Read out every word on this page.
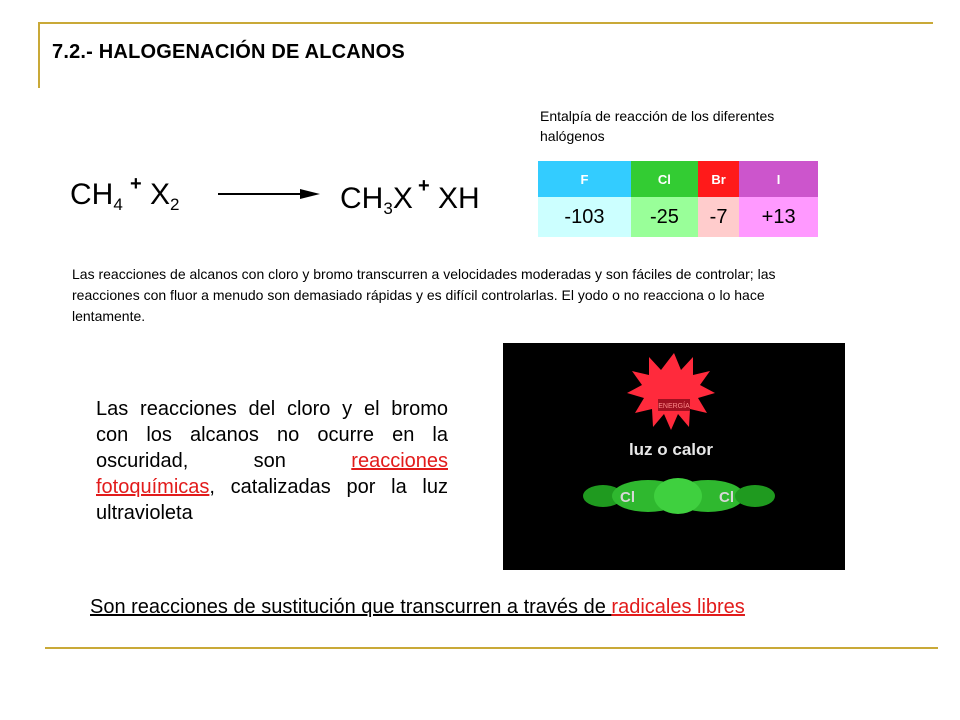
7.2.- HALOGENACIÓN DE ALCANOS
$CH_4$
+ $X_2$	$CH_3X$ + XH
Entalpía de reacción de los diferentes halógenos
F	Cl	Br	I
-103	-25	-7	+13
Las reacciones de alcanos con cloro y bromo transcurren a velocidades moderadas y son fáciles de controlar; las reacciones con fluor a menudo son demasiado rápidas y es difícil controlarlas. El yodo o no reacciona o lo hace lentamente.
Las reacciones del cloro y el bromo con los alcanos no ocurre en la oscuridad, son reacciones fotoquímicas, catalizadas por la luz ultravioleta
ENERGÍA
luz o calor
Cl	Cl
Son reacciones de sustitución que transcurren a través de radicales libres
